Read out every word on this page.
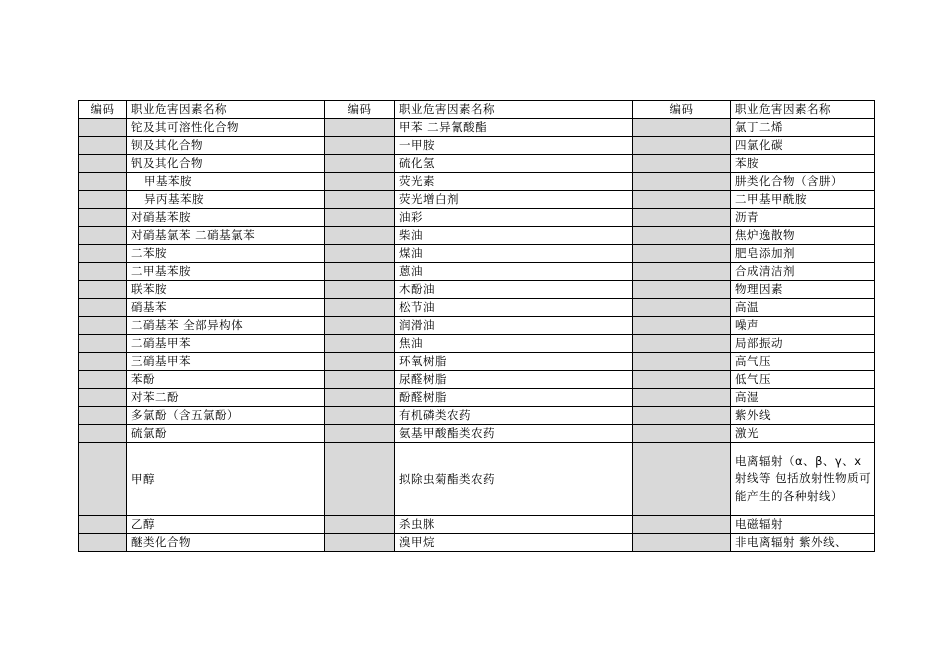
编码	职业危害因素名称	编码	职业危害因素名称	编码	职业危害因素名称
	铊及其可溶性化合物		甲苯 二异氰酸酯		氯丁二烯
	钡及其化合物		一甲胺		四氯化碳
	钒及其化合物		硫化氢		苯胺
	甲基苯胺		荧光素		肼类化合物（含肼）
	异丙基苯胺		荧光增白剂		二甲基甲酰胺
	对硝基苯胺		油彩		沥青
	对硝基氯苯 二硝基氯苯		柴油		焦炉逸散物
	二苯胺		煤油		肥皂添加剂
	二甲基苯胺		蒽油		合成清洁剂
	联苯胺		木酚油		物理因素
	硝基苯		松节油		高温
	二硝基苯 全部异构体		润滑油		噪声
	二硝基甲苯		焦油		局部振动
	三硝基甲苯		环氧树脂		高气压
	苯酚		尿醛树脂		低气压
	对苯二酚		酚醛树脂		高湿
	多氯酚（含五氯酚）		有机磷类农药		紫外线
	硫氯酚		氨基甲酸酯类农药		激光
	甲醇		拟除虫菊酯类农药		电离辐射（α、β、γ、x 射线等 包括放射性物质可能产生的各种射线）
	乙醇		杀虫脒		电磁辐射
	醚类化合物		溴甲烷		非电离辐射 紫外线、
